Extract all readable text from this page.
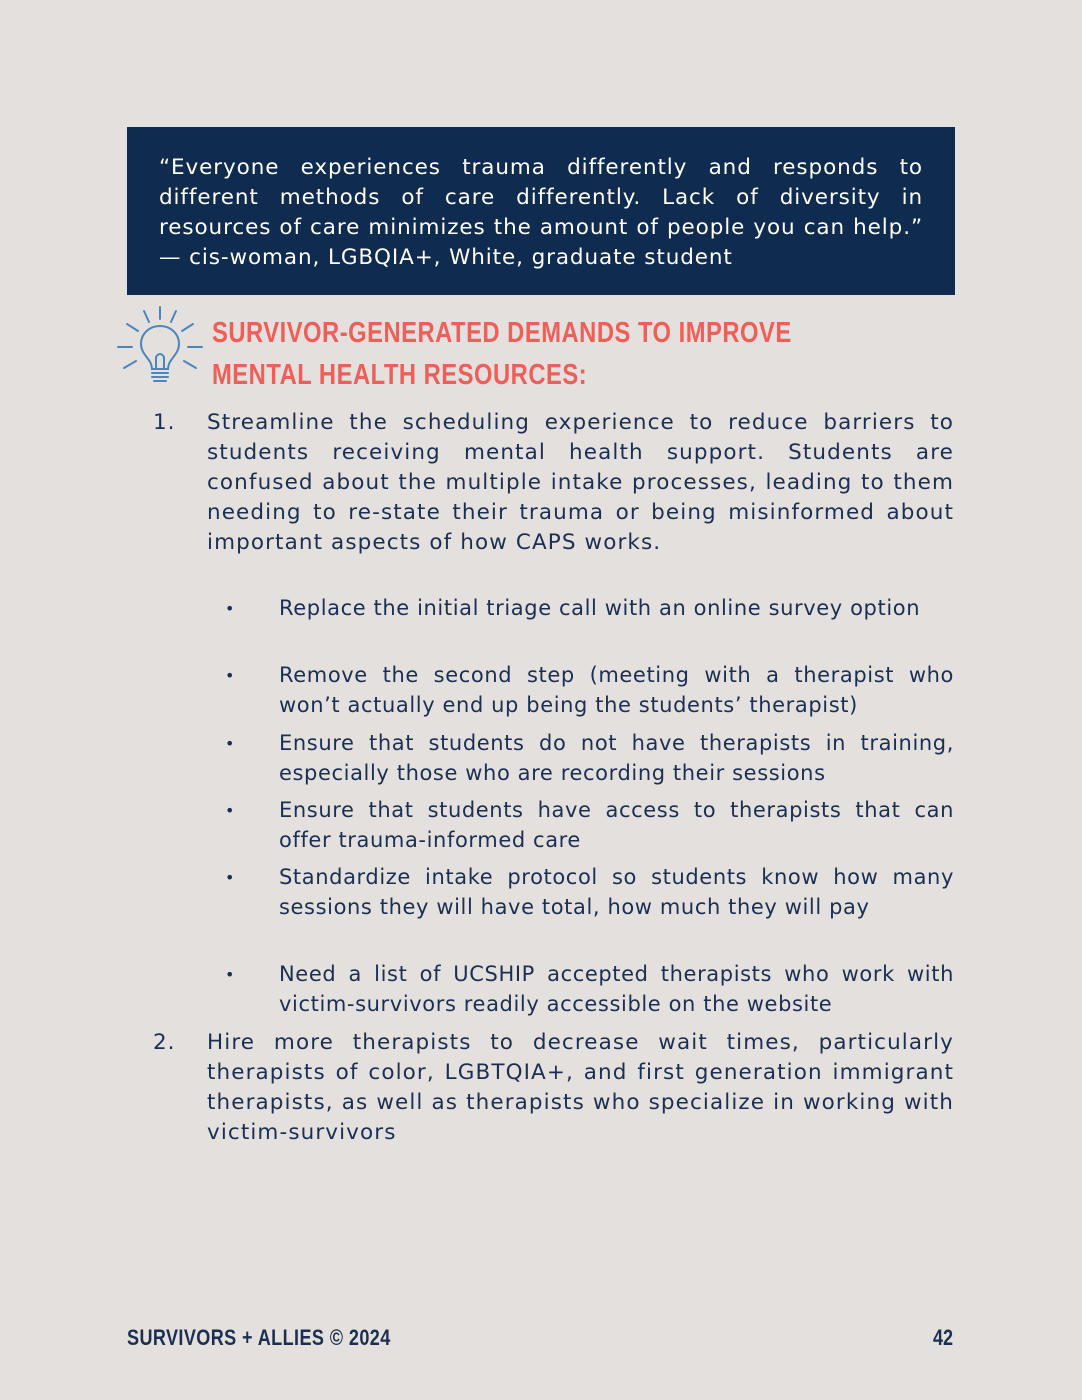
“Everyone experiences trauma differently and responds to different methods of care differently. Lack of diversity in resources of care minimizes the amount of people you can help.” — cis-woman, LGBQIA+, White, graduate student

SURVIVOR-GENERATED DEMANDS TO IMPROVE MENTAL HEALTH RESOURCES:
1. Streamline the scheduling experience to reduce barriers to students receiving mental health support. Students are confused about the multiple intake processes, leading to them needing to re-state their trauma or being misinformed about important aspects of how CAPS works.

• Replace the initial triage call with an online survey option

• Remove the second step (meeting with a therapist who won’t actually end up being the students’ therapist)

• Ensure that students do not have therapists in training, especially those who are recording their sessions

• Ensure that students have access to therapists that can offer trauma-informed care

• Standardize intake protocol so students know how many sessions they will have total, how much they will pay

• Need a list of UCSHIP accepted therapists who work with victim-survivors readily accessible on the website

2. Hire more therapists to decrease wait times, particularly therapists of color, LGBTQIA+, and first generation immigrant therapists, as well as therapists who specialize in working with victim-survivors

SURVIVORS + ALLIES © 2024	42
